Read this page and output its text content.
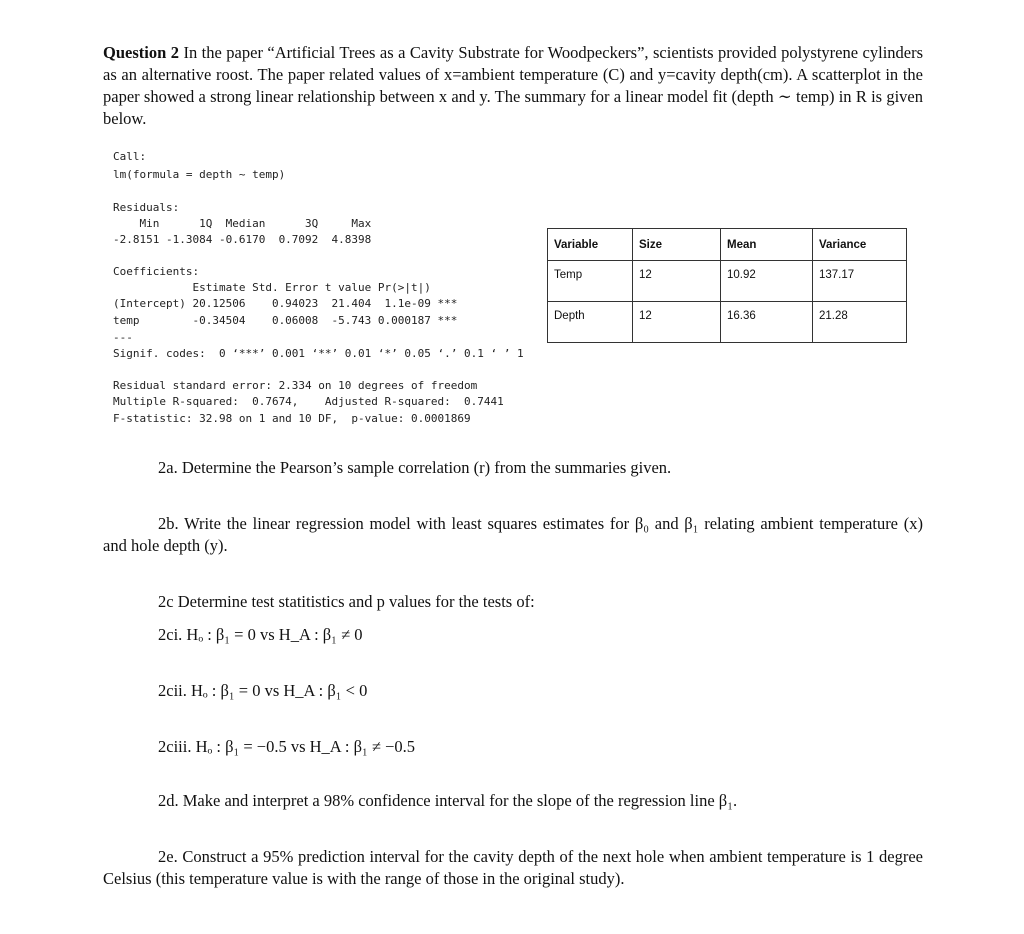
Question 2 In the paper “Artificial Trees as a Cavity Substrate for Woodpeckers”, scientists provided polystyrene cylinders as an alternative roost. The paper related values of x=ambient temperature (C) and y=cavity depth(cm). A scatterplot in the paper showed a strong linear relationship between x and y. The summary for a linear model fit (depth ∼ temp) in R is given below.
Call:
lm(formula = depth ~ temp)
Residuals:
Min      1Q  Median      3Q     Max
-2.8151 -1.3084 -0.6170  0.7092  4.8398
Coefficients:
Estimate Std. Error t value Pr(>|t|)
(Intercept) 20.12506    0.94023  21.404  1.1e-09 ***
temp        -0.34504    0.06008  -5.743 0.000187 ***
---
Signif. codes:  0 ‘***’ 0.001 ‘**’ 0.01 ‘*’ 0.05 ‘.’ 0.1 ‘ ’ 1
Residual standard error: 2.334 on 10 degrees of freedom
Multiple R-squared:  0.7674,	Adjusted R-squared:  0.7441
F-statistic: 32.98 on 1 and 10 DF,  p-value: 0.0001869
Variable	Size	Mean	Variance
Temp	12	10.92	137.17
Depth	12	16.36	21.28
2a. Determine the Pearson’s sample correlation (r) from the summaries given.
2b. Write the linear regression model with least squares estimates for β₀ and β₁ relating ambient temperature (x) and hole depth (y).
2c Determine test statitistics and p values for the tests of:
2ci. Hₒ : β₁ = 0 vs H_A : β₁ ≠ 0
2cii. Hₒ : β₁ = 0 vs H_A : β₁ < 0
2ciii. Hₒ : β₁ = −0.5 vs H_A : β₁ ≠ −0.5
2d. Make and interpret a 98% confidence interval for the slope of the regression line β₁.
2e. Construct a 95% prediction interval for the cavity depth of the next hole when ambient temperature is 1 degree Celsius (this temperature value is with the range of those in the original study).
